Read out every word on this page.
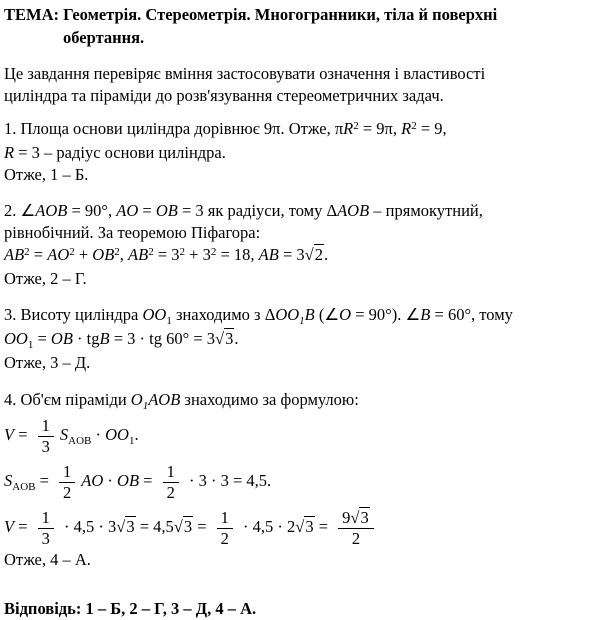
ТЕМА: Геометрія. Стереометрія. Многогранники, тіла й поверхні
обертання.
Це завдання перевіряє вміння застосовувати означення і властивості
циліндра та піраміди до розв'язування стереометричних задач.
1. Площа основи циліндра дорівнює 9π. Отже, $\pi R^2 = 9\pi$, $R^2 = 9$,
R = 3 – радіус основи циліндра.
Отже, 1 – Б.
2. ∠AOB = 90°, AO = OB = 3 як радіуси, тому ΔAOB – прямокутний,
рівнобічний. За теоремою Піфагора:
$AB^2 = AO^2 + OB^2$, $AB^2 = 3^2 + 3^2 = 18$, AB = 3√2.
Отже, 2 – Г.
3. Висоту циліндра $OO_1$ знаходимо з $\Delta OO_1B$ (∠O = 90°). ∠B = 60°, тому
$OO_1$ = OB · tgB = 3 · tg 60° = 3√3.
Отже, 3 – Д.
4. Об'єм піраміди $O_1AOB$ знаходимо за формулою:
$V = \frac{1}{3} S_{AOB} \cdot OO_1$.
$S_{AOB} = \frac{1}{2}$ AO · OB = $\frac{1}{2} \cdot 3 \cdot 3 = 4,5$.
$V = \frac{1}{3} \cdot 4,5 \cdot 3√3 = 4,5√3 = \frac{1}{2} \cdot 4,5 \cdot 2√3 = \frac{9√3}{2}$
Отже, 4 – А.
Відповідь: 1 – Б, 2 – Г, 3 – Д, 4 – А.
